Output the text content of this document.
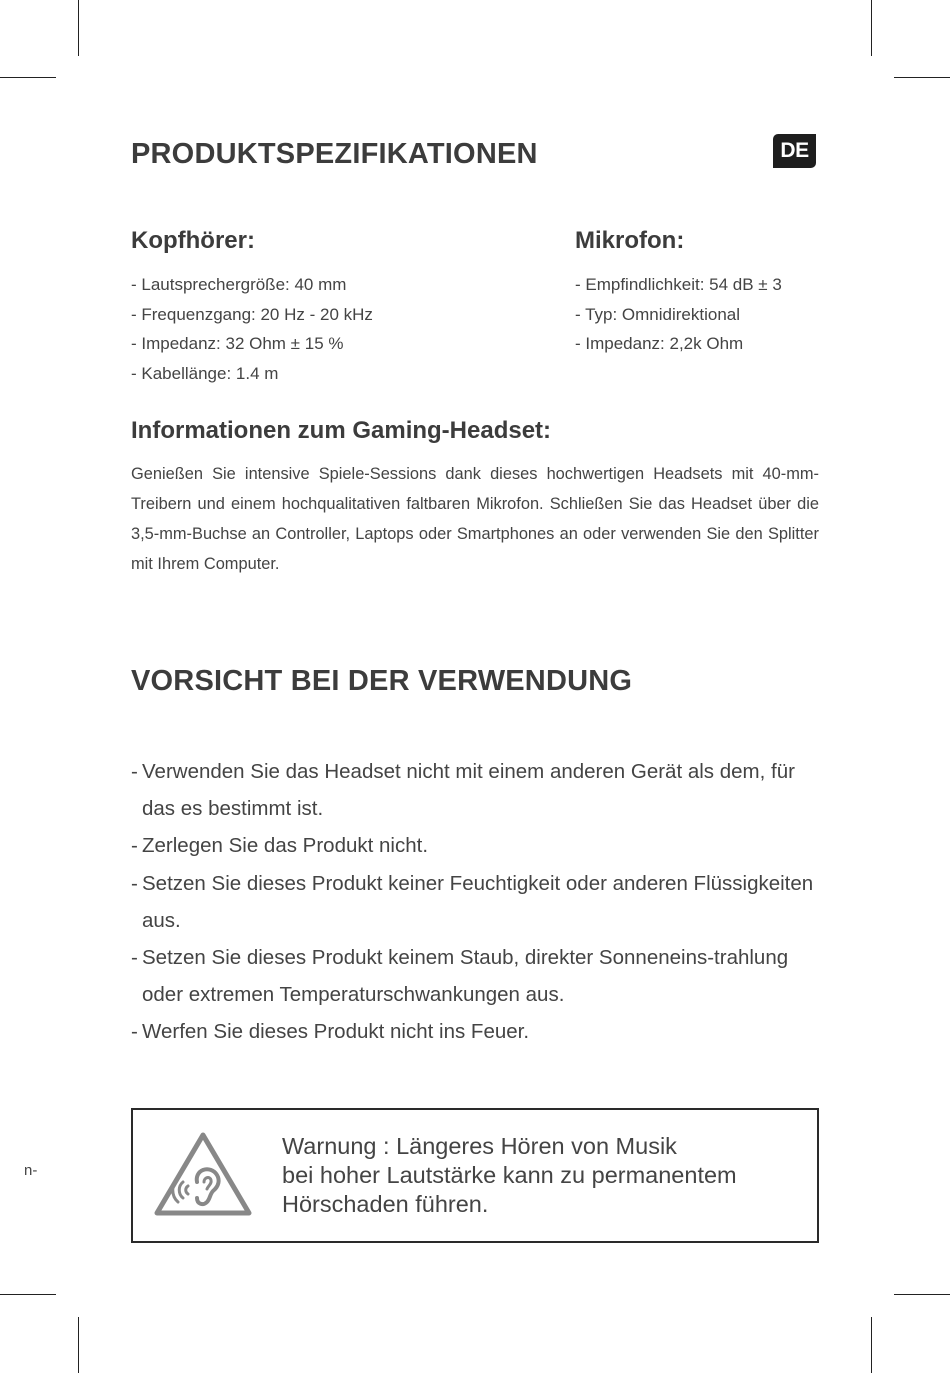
PRODUKTSPEZIFIKATIONEN	DE
Kopfhörer:
- Lautsprechergröße: 40 mm
- Frequenzgang: 20 Hz - 20 kHz
- Impedanz: 32 Ohm ± 15 %
- Kabellänge: 1.4 m
Mikrofon:
- Empfindlichkeit: 54 dB ± 3
- Typ: Omnidirektional
- Impedanz: 2,2k Ohm
Informationen zum Gaming-Headset:

Genießen Sie intensive Spiele-Sessions dank dieses hochwertigen Headsets mit 40-mm-Treibern und einem hochqualitativen faltbaren Mikrofon. Schließen Sie das Headset über die 3,5-mm-Buchse an Controller, Laptops oder Smartphones an oder verwenden Sie den Splitter mit Ihrem Computer.

VORSICHT BEI DER VERWENDUNG
- Verwenden Sie das Headset nicht mit einem anderen Gerät als dem, für das es bestimmt ist.
- Zerlegen Sie das Produkt nicht.
- Setzen Sie dieses Produkt keiner Feuchtigkeit oder anderen Flüssigkeiten aus.
- Setzen Sie dieses Produkt keinem Staub, direkter Sonneneins-trahlung oder extremen Temperaturschwankungen aus.
- Werfen Sie dieses Produkt nicht ins Feuer.
Warnung : Längeres Hören von Musik
bei hoher Lautstärke kann zu permanentem
Hörschaden führen.
n-
